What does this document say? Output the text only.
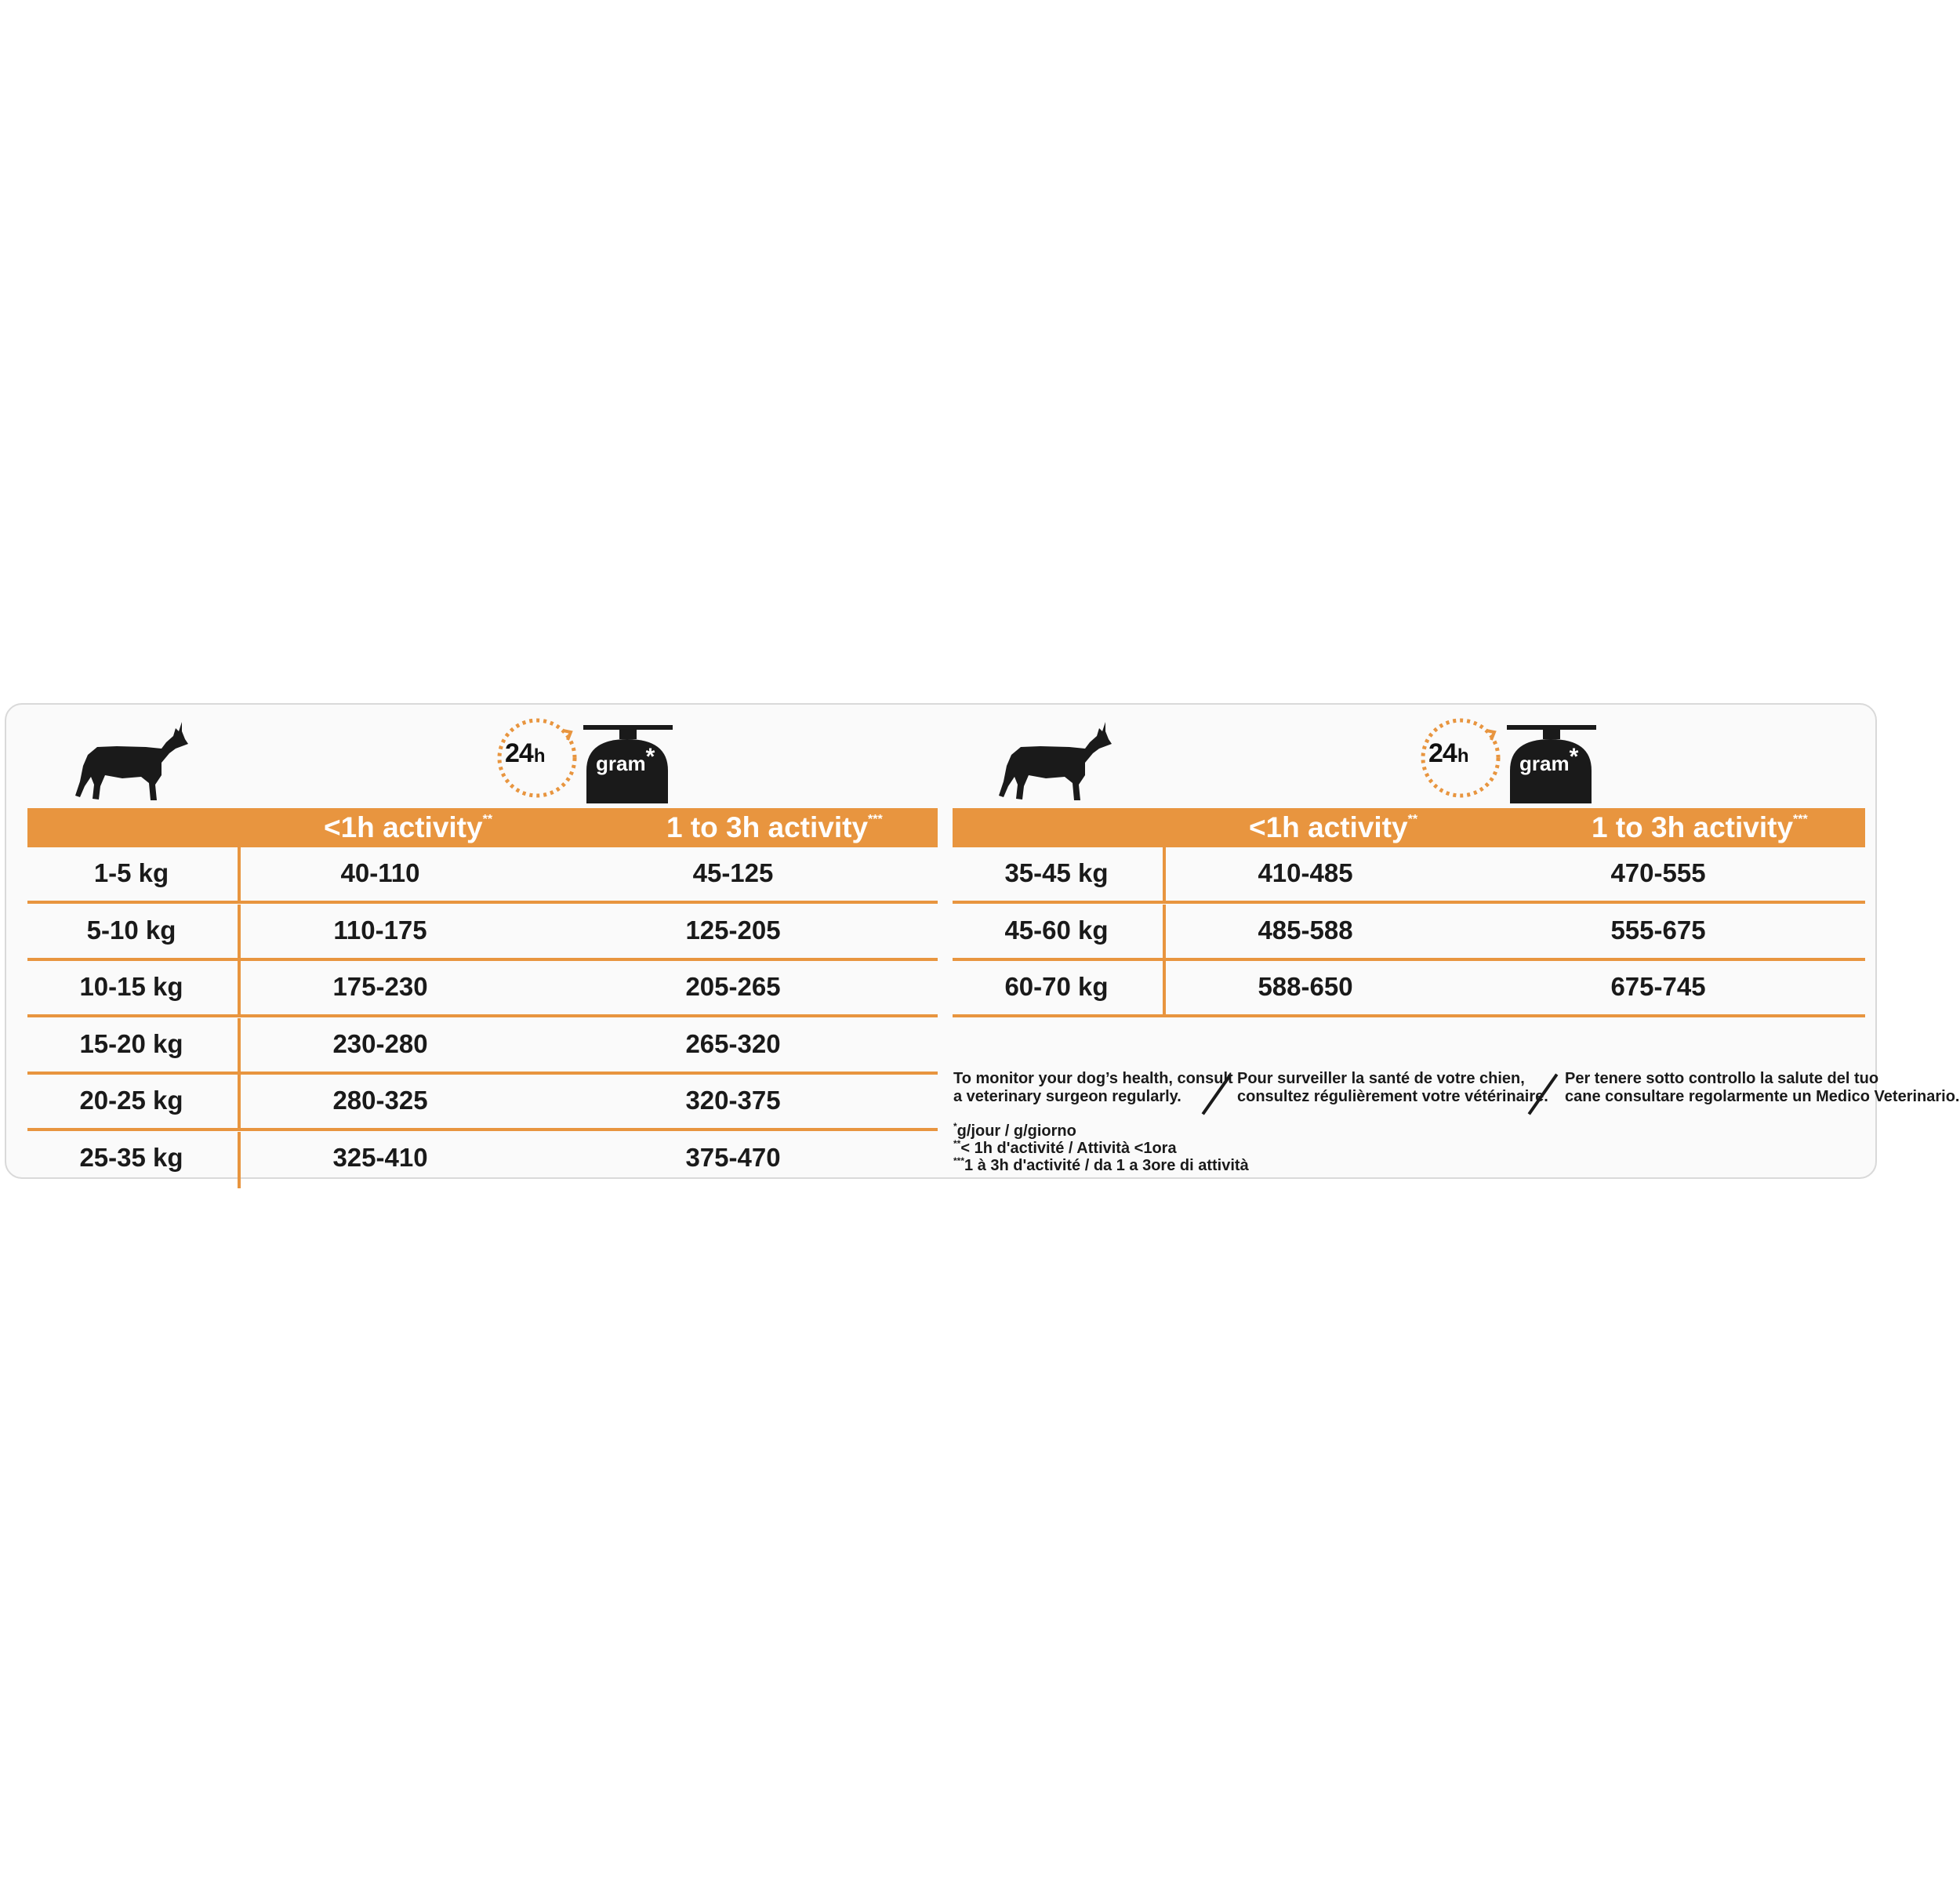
24h	gram*
<1h activity**	1 to 3h activity***
1-5 kg	40-110	45-125
5-10 kg	110-175	125-205
10-15 kg	175-230	205-265
15-20 kg	230-280	265-320
20-25 kg	280-325	320-375
25-35 kg	325-410	375-470
24h	gram*
<1h activity**	1 to 3h activity***
35-45 kg	410-485	470-555
45-60 kg	485-588	555-675
60-70 kg	588-650	675-745
To monitor your dog’s health, consult
a veterinary surgeon regularly.
Pour surveiller la santé de votre chien,
consultez régulièrement votre vétérinaire.
Per tenere sotto controllo la salute del tuo
cane consultare regolarmente un Medico Veterinario.
*g/jour / g/giorno
**< 1h d'activité / Attività <1ora
***1 à 3h d'activité / da 1 a 3ore di attività
